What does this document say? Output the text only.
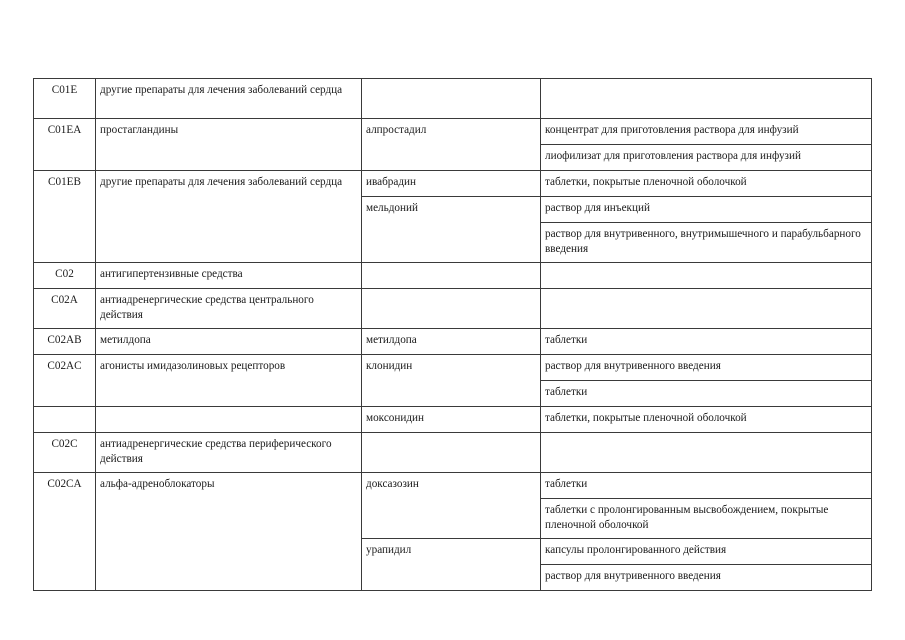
C01E	другие препараты для лечения заболеваний сердца		
C01EA	простагландины	алпростадил	концентрат для приготовления раствора для инфузий
			лиофилизат для приготовления раствора для инфузий
C01EB	другие препараты для лечения заболеваний сердца	ивабрадин	таблетки, покрытые пленочной оболочкой
		мельдоний	раствор для инъекций
			раствор для внутривенного, внутримышечного и парабульбарного введения

C02	антигипертензивные средства		
C02A	антиадренергические средства центрального действия		
C02AB	метилдопа	метилдопа	таблетки
C02AC	агонисты имидазолиновых рецепторов	клонидин	раствор для внутривенного введения
			таблетки
		моксонидин	таблетки, покрытые пленочной оболочкой
C02C	антиадренергические средства периферического действия		
C02CA	альфа-адреноблокаторы	доксазозин	таблетки
			таблетки с пролонгированным высвобождением, покрытые пленочной оболочкой
		урапидил	капсулы пролонгированного действия
			раствор для внутривенного введения
